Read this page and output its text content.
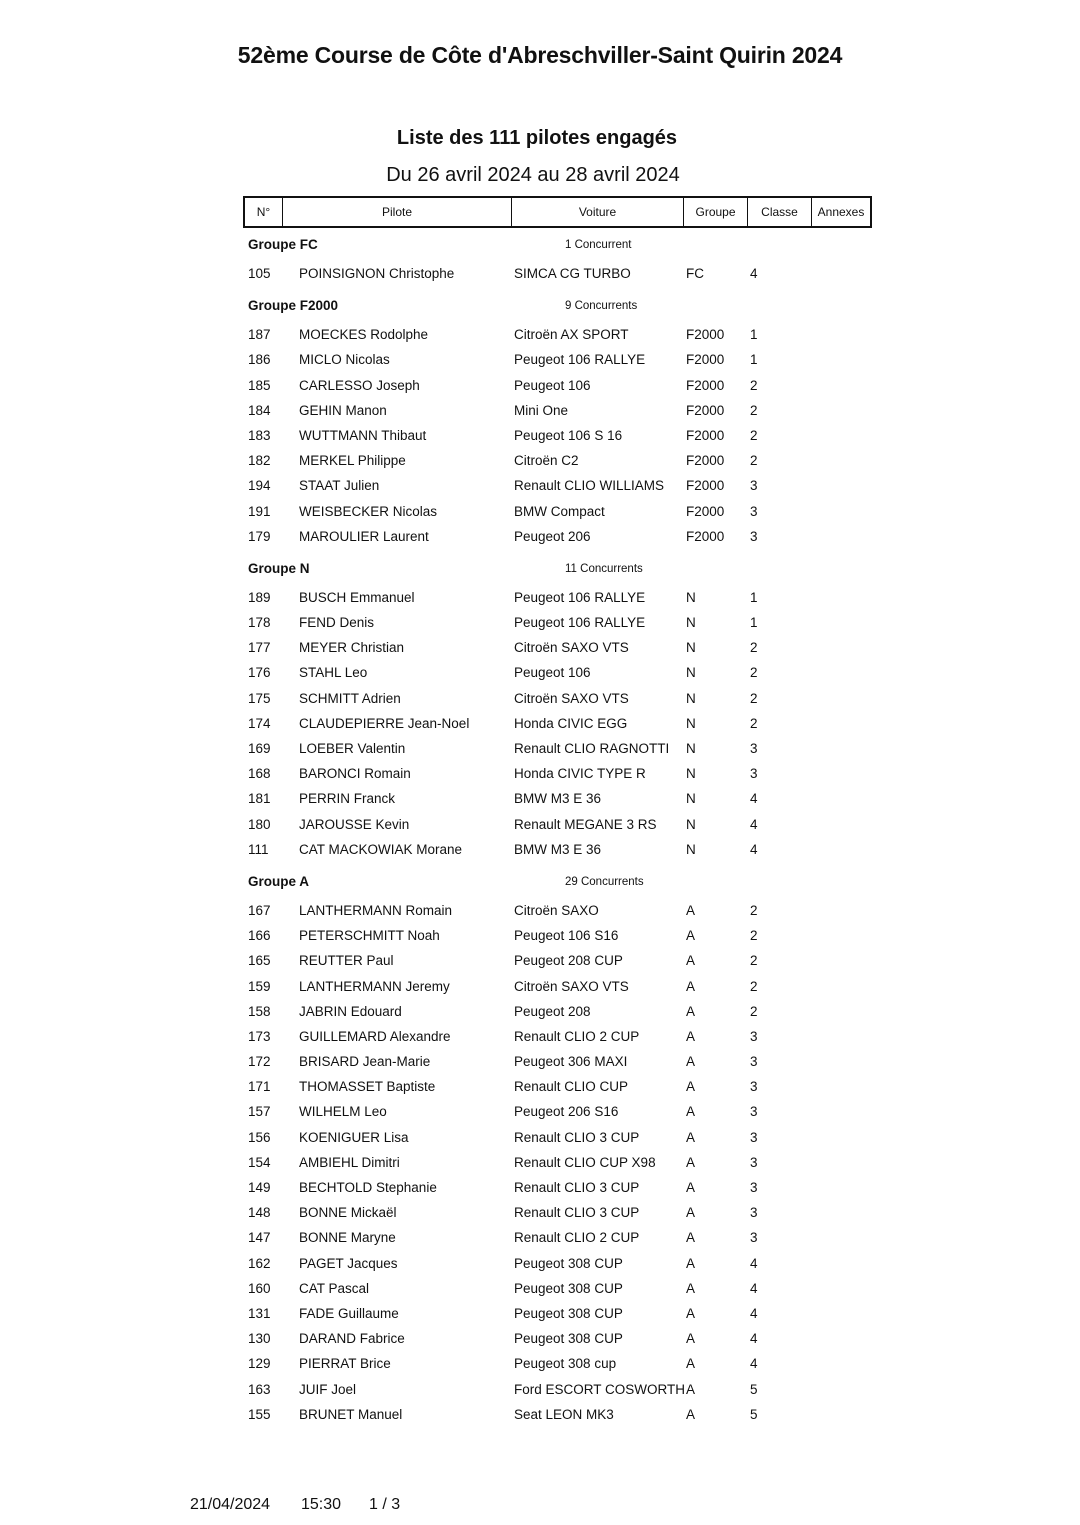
52ème Course de Côte d'Abreschviller-Saint Quirin 2024
Liste des 111 pilotes engagés
Du 26 avril 2024 au 28 avril 2024
N°	Pilote	Voiture	Groupe	Classe	Annexes
Groupe FC	1 Concurrent
105 POINSIGNON Christophe	SIMCA CG TURBO	FC	4
Groupe F2000	9 Concurrents
187 MOECKES Rodolphe	Citroën AX SPORT	F2000 1
186 MICLO Nicolas	Peugeot 106 RALLYE	F2000 1
185 CARLESSO Joseph	Peugeot 106	F2000 2
184 GEHIN Manon	Mini One	F2000 2
183 WUTTMANN Thibaut	Peugeot 106 S 16	F2000 2
182 MERKEL Philippe	Citroën C2	F2000 2
194 STAAT Julien	Renault CLIO WILLIAMS F2000 3
191 WEISBECKER Nicolas	BMW Compact	F2000 3
179 MAROULIER Laurent	Peugeot 206	F2000 3
Groupe N	11 Concurrents
189 BUSCH Emmanuel	Peugeot 106 RALLYE	N	1
178 FEND Denis	Peugeot 106 RALLYE	N	1
177 MEYER Christian	Citroën SAXO VTS	N	2
176 STAHL Leo	Peugeot 106	N	2
175 SCHMITT Adrien	Citroën SAXO VTS	N	2
174 CLAUDEPIERRE Jean-Noel	Honda CIVIC EGG	N	2
169 LOEBER Valentin	Renault CLIO RAGNOTTI N	3
168 BARONCI Romain	Honda CIVIC TYPE R	N	3
181 PERRIN Franck	BMW M3 E 36	N	4
180 JAROUSSE Kevin	Renault MEGANE 3 RS N	4
111 CAT MACKOWIAK Morane	BMW M3 E 36	N	4
Groupe A	29 Concurrents
167 LANTHERMANN Romain	Citroën SAXO	A	2
166 PETERSCHMITT Noah	Peugeot 106 S16	A	2
165 REUTTER Paul	Peugeot 208 CUP	A	2
159 LANTHERMANN Jeremy	Citroën SAXO VTS	A	2
158 JABRIN Edouard	Peugeot 208	A	2
173 GUILLEMARD Alexandre	Renault CLIO 2 CUP	A	3
172 BRISARD Jean-Marie	Peugeot 306 MAXI	A	3
171 THOMASSET Baptiste	Renault CLIO CUP	A	3
157 WILHELM Leo	Peugeot 206 S16	A	3
156 KOENIGUER Lisa	Renault CLIO 3 CUP	A	3
154 AMBIEHL Dimitri	Renault CLIO CUP X98 A	3
149 BECHTOLD Stephanie	Renault CLIO 3 CUP	A	3
148 BONNE Mickaël	Renault CLIO 3 CUP	A	3
147 BONNE Maryne	Renault CLIO 2 CUP	A	3
162 PAGET Jacques	Peugeot 308 CUP	A	4
160 CAT Pascal	Peugeot 308 CUP	A	4
131 FADE Guillaume	Peugeot 308 CUP	A	4
130 DARAND Fabrice	Peugeot 308 CUP	A	4
129 PIERRAT Brice	Peugeot 308 cup	A	4
163 JUIF Joel	Ford ESCORT COSWORTH A	5
155 BRUNET Manuel	Seat LEON MK3	A	5
21/04/2024 15:30 1 / 3
